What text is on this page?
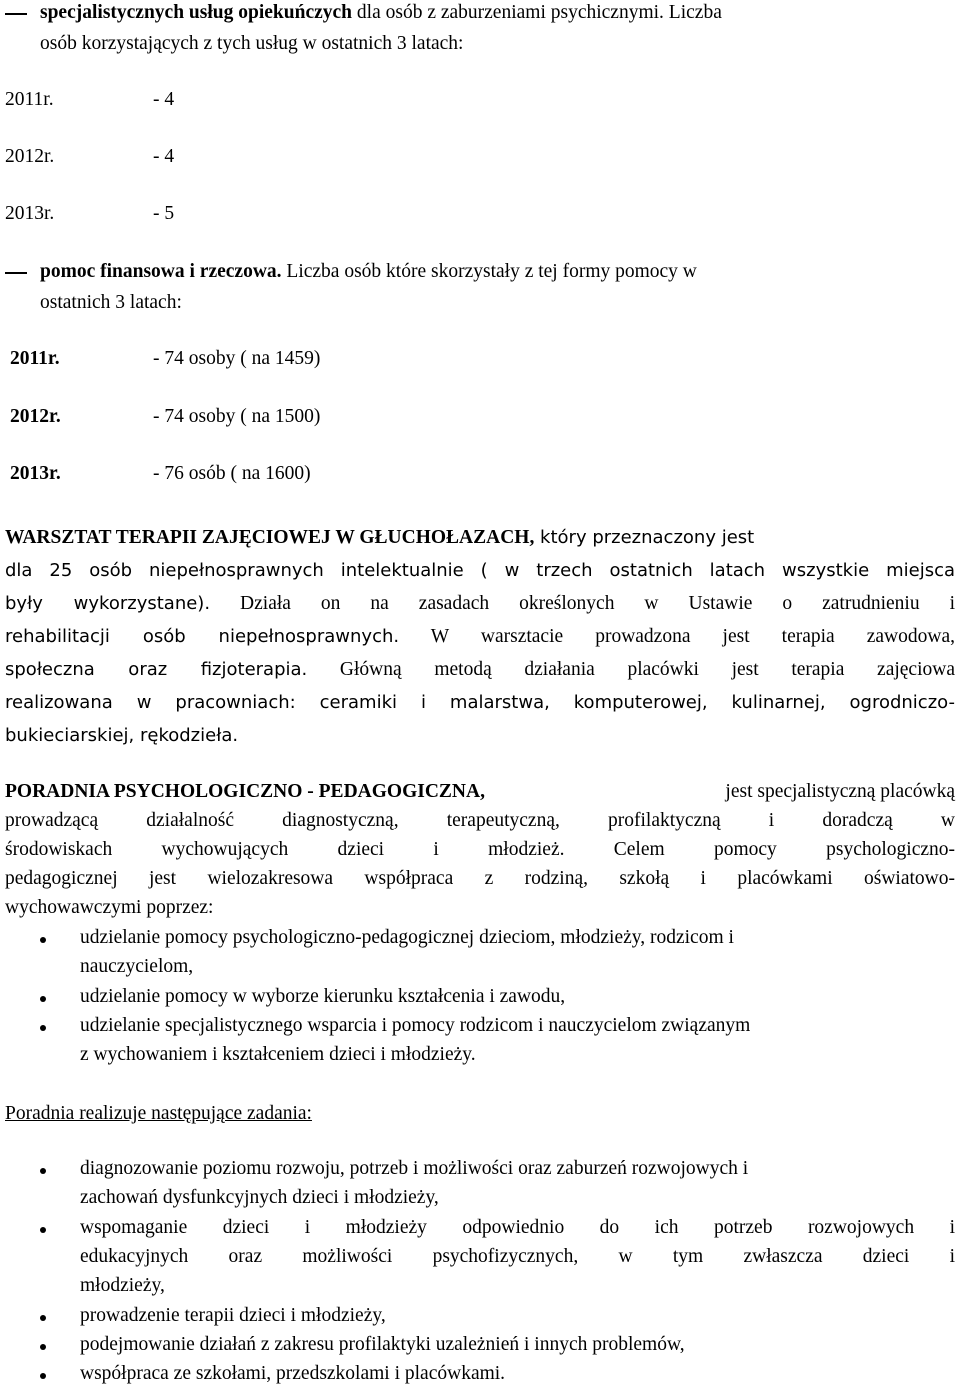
specjalistycznych usług opiekuńczych dla osób z zaburzeniami psychicznymi. Liczba
osób korzystających z tych usług w ostatnich 3 latach:
2011r.	- 4
2012r.	- 4
2013r.	- 5
pomoc finansowa i rzeczowa. Liczba osób które skorzystały z tej formy pomocy w
ostatnich 3 latach:
2011r.	- 74 osoby ( na 1459)
2012r.	- 74 osoby ( na 1500)
2013r.	- 76 osób ( na 1600)
WARSZTAT TERAPII ZAJĘCIOWEJ W GŁUCHOŁAZACH, który przeznaczony jest
dla 25 osób niepełnosprawnych intelektualnie ( w trzech ostatnich latach wszystkie miejsca
były wykorzystane). Działa on na zasadach określonych w Ustawie o zatrudnieniu i
rehabilitacji osób niepełnosprawnych. W warsztacie prowadzona jest terapia zawodowa,
społeczna oraz fizjoterapia. Główną metodą działania placówki jest terapia zajęciowa
realizowana w pracowniach: ceramiki i malarstwa, komputerowej, kulinarnej, ogrodniczo-
bukieciarskiej, rękodzieła.
PORADNIA PSYCHOLOGICZNO - PEDAGOGICZNA,	jest specjalistyczną placówką
prowadzącą działalność diagnostyczną, terapeutyczną, profilaktyczną i doradczą w
środowiskach wychowujących dzieci i młodzież. Celem pomocy psychologiczno-
pedagogicznej jest wielozakresowa współpraca z rodziną, szkołą i placówkami oświatowo-
wychowawczymi poprzez:
udzielanie pomocy psychologiczno-pedagogicznej dzieciom, młodzieży, rodzicom i
nauczycielom,
udzielanie pomocy w wyborze kierunku kształcenia i zawodu,
udzielanie specjalistycznego wsparcia i pomocy rodzicom i nauczycielom związanym
z wychowaniem i kształceniem dzieci i młodzieży.
Poradnia realizuje następujące zadania:
diagnozowanie poziomu rozwoju, potrzeb i możliwości oraz zaburzeń rozwojowych i
zachowań dysfunkcyjnych dzieci i młodzieży,
wspomaganie dzieci i młodzieży odpowiednio do ich potrzeb rozwojowych i
edukacyjnych oraz możliwości psychofizycznych, w tym zwłaszcza dzieci i
młodzieży,
prowadzenie terapii dzieci i młodzieży,
podejmowanie działań z zakresu profilaktyki uzależnień i innych problemów,
współpraca ze szkołami, przedszkolami i placówkami.
